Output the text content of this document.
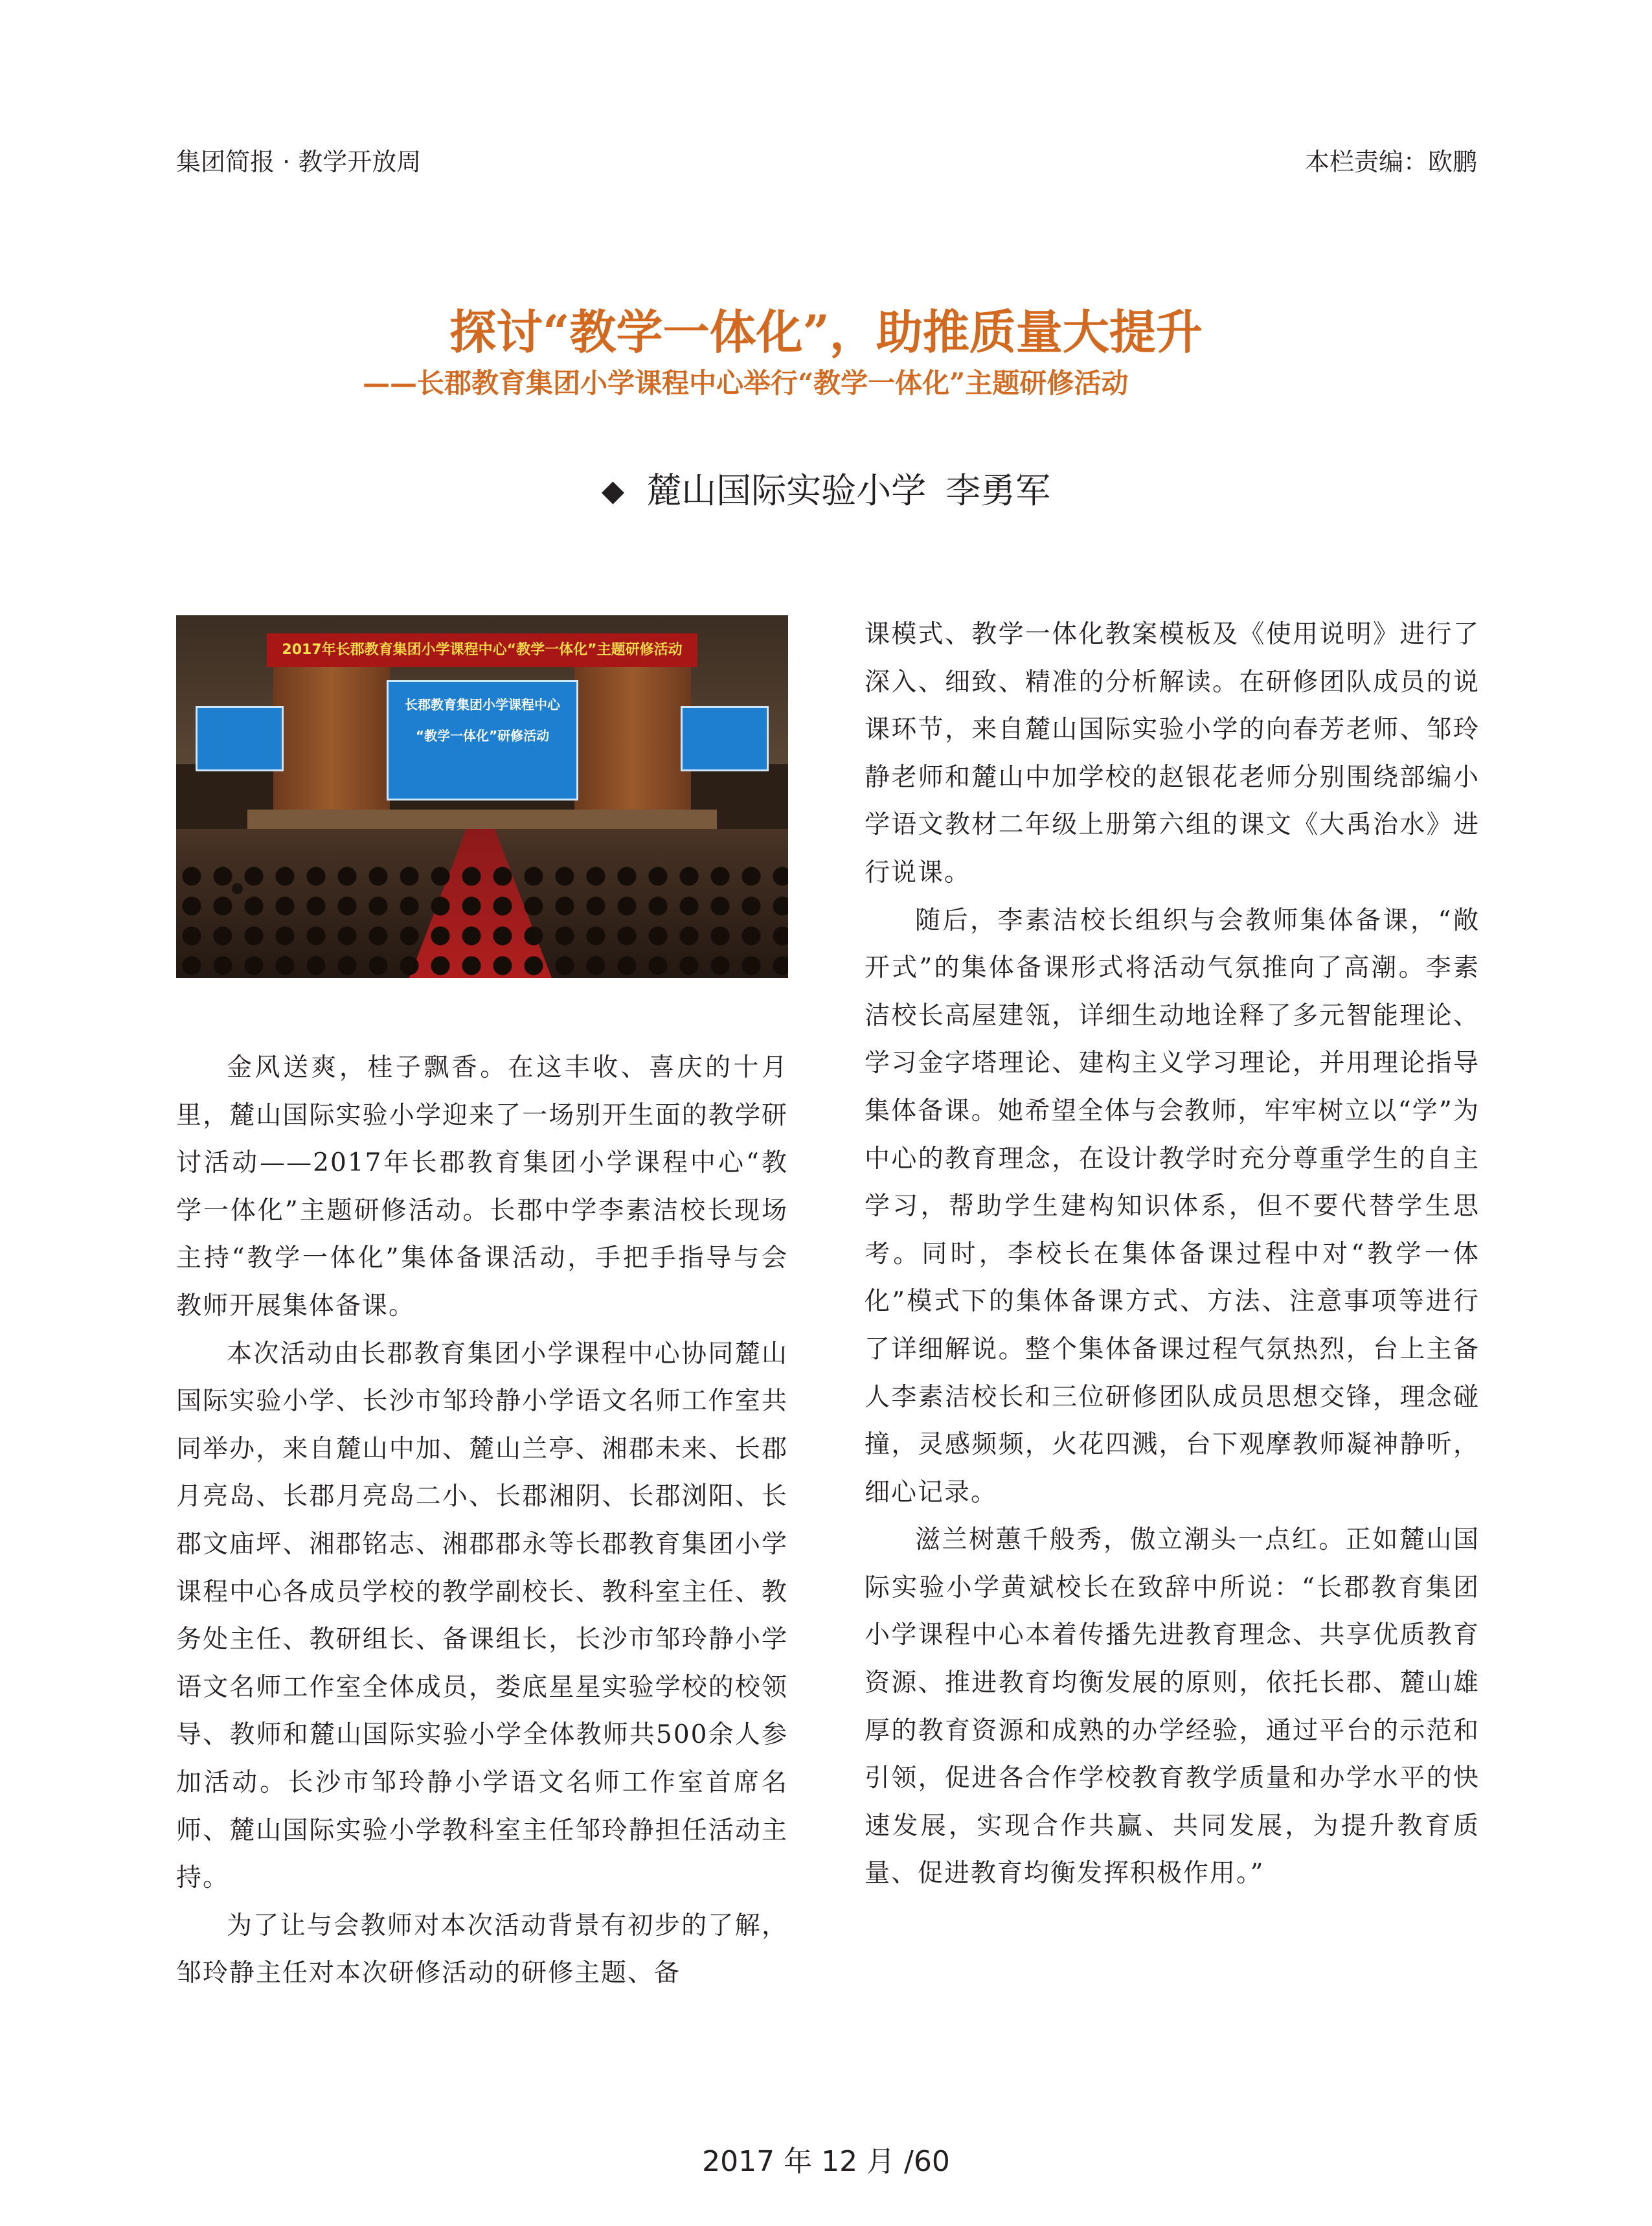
集团简报 · 教学开放周	本栏责编：欧鹏
探讨“教学一体化”，助推质量大提升
——长郡教育集团小学课程中心举行“教学一体化”主题研修活动
◆ 麓山国际实验小学 李勇军
2017年长郡教育集团小学课程中心“教学一体化”主题研修活动
长郡教育集团小学课程中心
“教学一体化”研修活动

金风送爽，桂子飘香。在这丰收、喜庆的十月里，麓山国际实验小学迎来了一场别开生面的教学研讨活动——2017年长郡教育集团小学课程中心“教学一体化”主题研修活动。长郡中学李素洁校长现场主持“教学一体化”集体备课活动，手把手指导与会教师开展集体备课。

本次活动由长郡教育集团小学课程中心协同麓山国际实验小学、长沙市邹玲静小学语文名师工作室共同举办，来自麓山中加、麓山兰亭、湘郡未来、长郡月亮岛、长郡月亮岛二小、长郡湘阴、长郡浏阳、长郡文庙坪、湘郡铭志、湘郡郡永等长郡教育集团小学课程中心各成员学校的教学副校长、教科室主任、教务处主任、教研组长、备课组长，长沙市邹玲静小学语文名师工作室全体成员，娄底星星实验学校的校领导、教师和麓山国际实验小学全体教师共500余人参加活动。长沙市邹玲静小学语文名师工作室首席名师、麓山国际实验小学教科室主任邹玲静担任活动主持。

为了让与会教师对本次活动背景有初步的了解，邹玲静主任对本次研修活动的研修主题、备

课模式、教学一体化教案模板及《使用说明》进行了深入、细致、精准的分析解读。在研修团队成员的说课环节，来自麓山国际实验小学的向春芳老师、邹玲静老师和麓山中加学校的赵银花老师分别围绕部编小学语文教材二年级上册第六组的课文《大禹治水》进行说课。

随后，李素洁校长组织与会教师集体备课，“敞开式”的集体备课形式将活动气氛推向了高潮。李素洁校长高屋建瓴，详细生动地诠释了多元智能理论、学习金字塔理论、建构主义学习理论，并用理论指导集体备课。她希望全体与会教师，牢牢树立以“学”为中心的教育理念，在设计教学时充分尊重学生的自主学习，帮助学生建构知识体系，但不要代替学生思考。同时，李校长在集体备课过程中对“教学一体化”模式下的集体备课方式、方法、注意事项等进行了详细解说。整个集体备课过程气氛热烈，台上主备人李素洁校长和三位研修团队成员思想交锋，理念碰撞，灵感频频，火花四溅，台下观摩教师凝神静听，细心记录。

滋兰树蕙千般秀，傲立潮头一点红。正如麓山国际实验小学黄斌校长在致辞中所说：“长郡教育集团小学课程中心本着传播先进教育理念、共享优质教育资源、推进教育均衡发展的原则，依托长郡、麓山雄厚的教育资源和成熟的办学经验，通过平台的示范和引领，促进各合作学校教育教学质量和办学水平的快速发展，实现合作共赢、共同发展，为提升教育质量、促进教育均衡发挥积极作用。”

2017 年 12 月 /60
